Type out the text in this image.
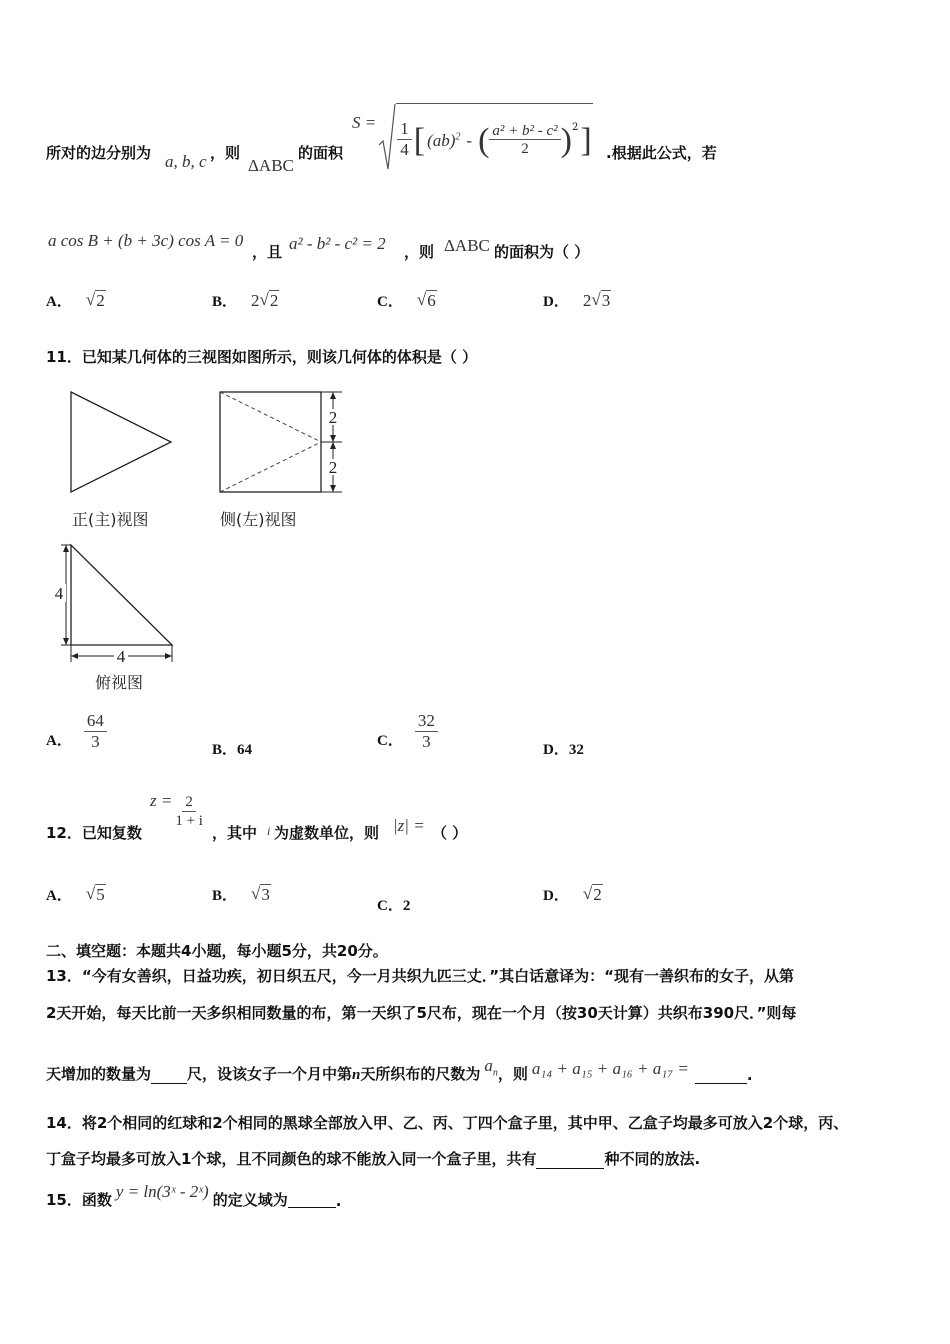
所对的边分别为 a, b, c ，则
ΔABC
的面积
$S = \frac{1}{4}$ [ (ab)$^2$ - ( $\frac{\text{a² + b² - c²}}{2} )^2$ ] .根据此公式，若
a cos B + (b + 3c) cos A = 0
，且 a² - b² - c² = 2 ，则 ΔABC 的面积为（ ）
A． √ 2	B． 2 √ 2	C． √ 6	D． 2 √ 3
11．已知某几何体的三视图如图所示，则该几何体的体积是（ ）
正(主)视图
2
2
侧(左)视图
4
4
俯视图
A． $\frac{64}{3}$	B．64
C． $\frac{32}{3}$	D．32
12．已知复数
$z = \frac{2}{1 + i}$
，其中 i 为虚数单位，则 |z| = （ ）
A． √ 5	B． √ 3
C．2
D． √ 2
二、填空题：本题共4小题，每小题5分，共20分。
13．“今有女善织，日益功疾，初日织五尺，今一月共织九匹三丈．”其白话意译为：“现有一善织布的女子，从第
2天开始，每天比前一天多织相同数量的布，第一天织了5尺布，现在一个月（按30天计算）共织布390尺．”则每
天增加的数量为 尺，设该女子一个月中第 n 天所织布的尺数为 $a_n$ ，则 a₁₄ + a₁₅ + a₁₆ + a₁₇ =	.
14．将2个相同的红球和2个相同的黑球全部放入甲、乙、丙、丁四个盒子里，其中甲、乙盒子均最多可放入2个球，丙、
丁盒子均最多可放入1个球，且不同颜色的球不能放入同一个盒子里，共有	种不同的放法.
15．函数 y = ln(3ˣ - 2ˣ) 的定义域为	.
